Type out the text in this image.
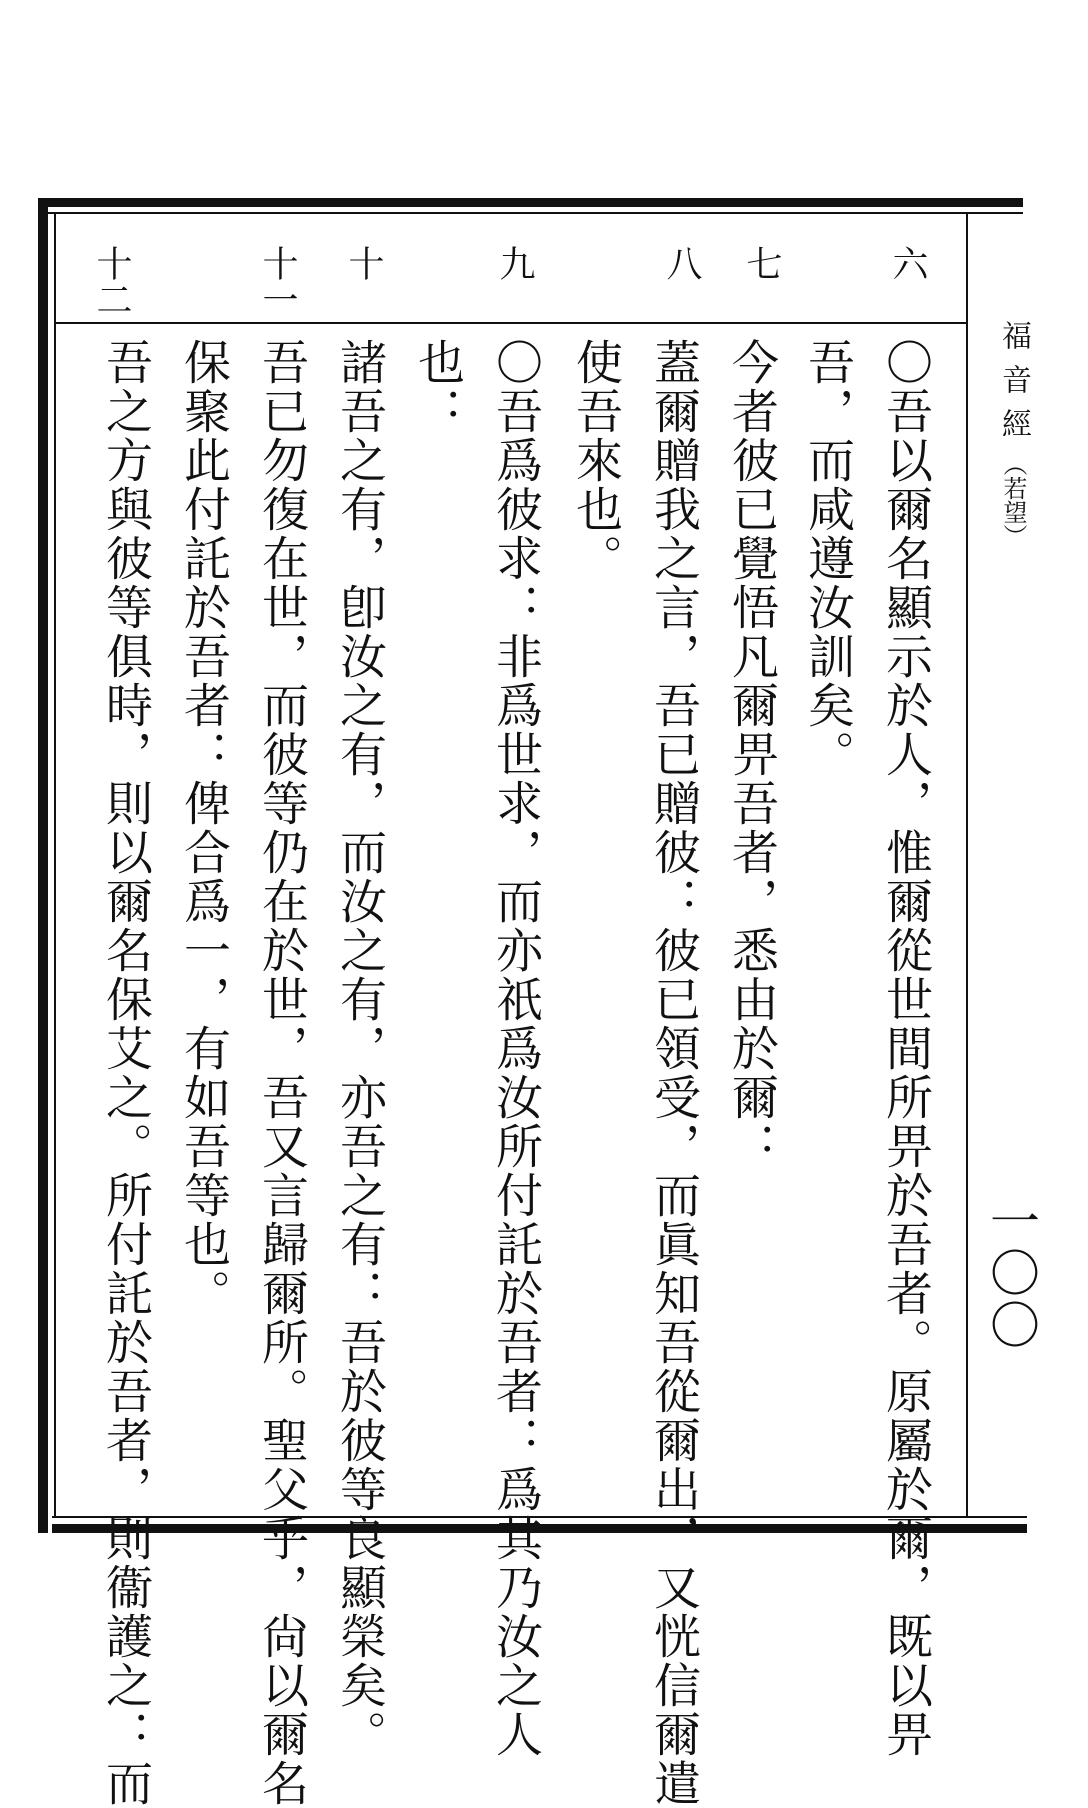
福音經（若望）
一〇〇
六
七
八
九
十
十一
十二
〇吾以爾名顯示於人，惟爾從世間所畀於吾者。原屬於爾，既以畀
吾，而咸遵汝訓矣。
今者彼已覺悟凡爾畀吾者，悉由於爾：
蓋爾贈我之言，吾已贈彼：彼已領受，而眞知吾從爾出，又恍信爾遣
使吾來也。
〇吾爲彼求：非爲世求，而亦祇爲汝所付託於吾者：爲其乃汝之人
也：
諸吾之有，卽汝之有，而汝之有，亦吾之有：吾於彼等良顯榮矣。
吾已勿復在世，而彼等仍在於世，吾又言歸爾所。聖父乎，尙以爾名
保聚此付託於吾者：俾合爲一，有如吾等也。
吾之方與彼等俱時，則以爾名保艾之。所付託於吾者，則衞護之：而
